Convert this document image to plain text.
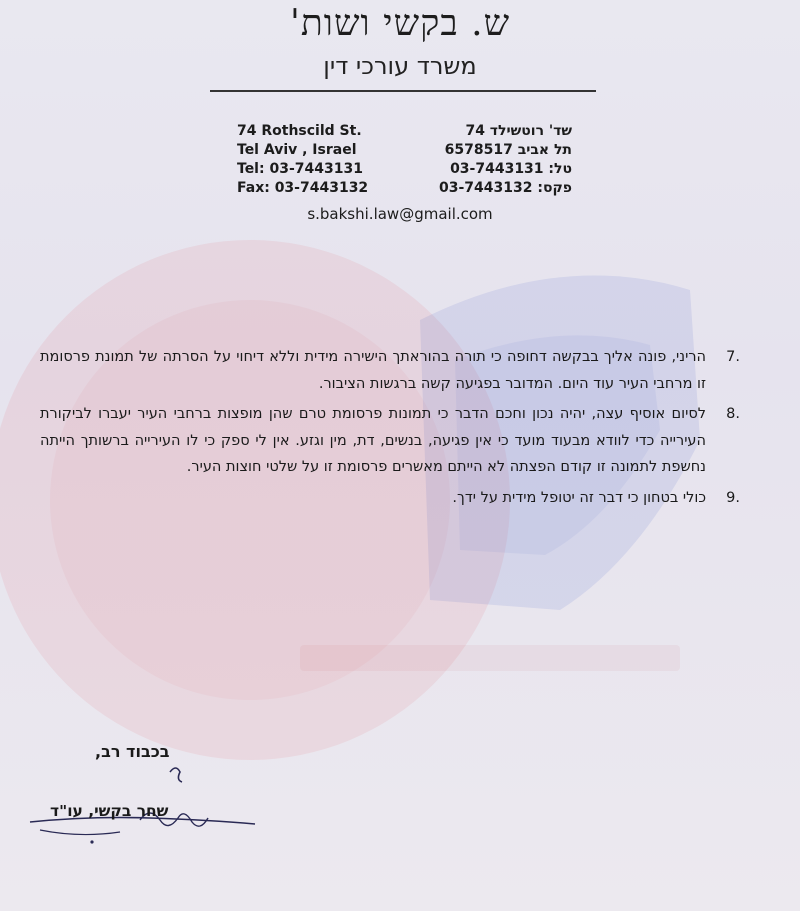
ש. בקשי ושות'
משרד עורכי דין
74 Rothscild St.
Tel Aviv , Israel
Tel: 03-7443131
Fax: 03-7443132
שד' רוטשילד 74
תל אביב 6578517
טל: 03-7443131
פקס: 03-7443132
s.bakshi.law@gmail.com
7.
הריני, פונה אליך בבקשה דחופה כי תורה בהוראתך הישירה מידית וללא דיחוי על הסרתה של תמונת פרסומת זו מרחבי העיר עוד היום. המדובר בפגיעה קשה ברגשות הציבור.
8.
לסיום אוסיף עצה, יהיה נכון וחכם הדבר כי תמונות פרסומת טרם שהן מופצות ברחבי העיר יעברו לביקורת העירייה כדי לוודא מבעוד מועד כי אין פגיעה, בנשים, דת, מין וגזע. אין לי ספק כי לו העירייה ברשותך הייתה נחשפת לתמונה זו קודם הפצתה לא הייתם מאשרים פרסומת זו על שלטי חוצות העיר.
9.
כולי בטחון כי דבר זה יטופל מידית על ידך.
בכבוד רב,
שחר בקשי, עו"ד
